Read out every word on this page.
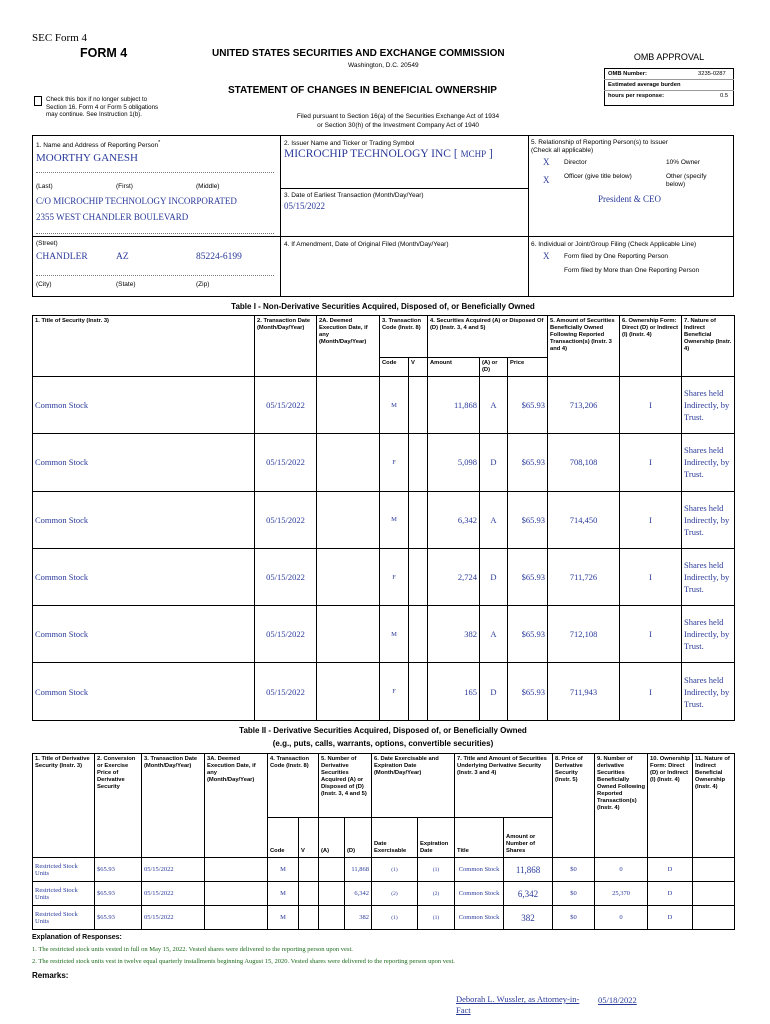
SEC Form 4
FORM 4	UNITED STATES SECURITIES AND EXCHANGE COMMISSION
Washington, D.C. 20549
STATEMENT OF CHANGES IN BENEFICIAL OWNERSHIP
Check this box if no longer subject to Section 16. Form 4 or Form 5 obligations may continue. See Instruction 1(b).	Filed pursuant to Section 16(a) of the Securities Exchange Act of 1934
or Section 30(h) of the Investment Company Act of 1940
OMB APPROVAL
OMB Number:	3235-0287
Estimated average burden
hours per response:	0.5
1. Name and Address of Reporting Person*
MOORTHY GANESH
(Last)	(First)	(Middle)
C/O MICROCHIP TECHNOLOGY INCORPORATED
2355 WEST CHANDLER BOULEVARD
(Street)
CHANDLER	AZ	85224-6199
(City)	(State)	(Zip)
2. Issuer Name and Ticker or Trading Symbol
MICROCHIP TECHNOLOGY INC [ MCHP ]
3. Date of Earliest Transaction (Month/Day/Year)
05/15/2022
4. If Amendment, Date of Original Filed (Month/Day/Year)
5. Relationship of Reporting Person(s) to Issuer
(Check all applicable)
X Director	10% Owner
X Officer (give title below)	Other (specify below)
President & CEO
6. Individual or Joint/Group Filing (Check Applicable Line)
X Form filed by One Reporting Person
Form filed by More than One Reporting Person
Table I - Non-Derivative Securities Acquired, Disposed of, or Beneficially Owned
1. Title of Security (Instr. 3)	2. Transaction Date (Month/Day/Year)	2A. Deemed Execution Date, if any (Month/Day/Year)	3. Transaction Code (Instr. 8)		4. Securities Acquired (A) or Disposed Of (D) (Instr. 3, 4 and 5)			5. Amount of Securities Beneficially Owned Following Reported Transaction(s) (Instr. 3 and 4)	6. Ownership Form: Direct (D) or Indirect (I) (Instr. 4)	7. Nature of Indirect Beneficial Ownership (Instr. 4)
			Code	V	Amount	(A) or (D)	Price			
Common Stock	05/15/2022		M		11,868	A	$65.93	713,206	I	Shares held Indirectly, by Trust.
Common Stock	05/15/2022		F		5,098	D	$65.93	708,108	I	Shares held Indirectly, by Trust.
Common Stock	05/15/2022		M		6,342	A	$65.93	714,450	I	Shares held Indirectly, by Trust.
Common Stock	05/15/2022		F		2,724	D	$65.93	711,726	I	Shares held Indirectly, by Trust.
Common Stock	05/15/2022		M		382	A	$65.93	712,108	I	Shares held Indirectly, by Trust.
Common Stock	05/15/2022		F		165	D	$65.93	711,943	I	Shares held Indirectly, by Trust.
Table II - Derivative Securities Acquired, Disposed of, or Beneficially Owned
(e.g., puts, calls, warrants, options, convertible securities)
1. Title of Derivative Security (Instr. 3)	2. Conversion or Exercise Price of Derivative Security	3. Transaction Date (Month/Day/Year)	3A. Deemed Execution Date, if any (Month/Day/Year)	4. Transaction Code (Instr. 8)		5. Number of Derivative Securities Acquired (A) or Disposed of (D) (Instr. 3, 4 and 5)		6. Date Exercisable and Expiration Date (Month/Day/Year)		7. Title and Amount of Securities Underlying Derivative Security (Instr. 3 and 4)		8. Price of Derivative Security (Instr. 5)	9. Number of derivative Securities Beneficially Owned Following Reported Transaction(s) (Instr. 4)	10. Ownership Form: Direct (D) or Indirect (I) (Instr. 4)	11. Nature of Indirect Beneficial Ownership (Instr. 4)
				Code	V	(A)	(D)	Date Exercisable	Expiration Date	Title	Amount or Number of Shares				
Restricted Stock Units	$65.93	05/15/2022		M			11,868	(1)	(1)	Common Stock	11,868	$0	0	D	
Restricted Stock Units	$65.93	05/15/2022		M			6,342	(2)	(2)	Common Stock	6,342	$0	25,370	D	
Restricted Stock Units	$65.93	05/15/2022		M			382	(1)	(1)	Common Stock	382	$0	0	D	
Explanation of Responses:
1. The restricted stock units vested in full on May 15, 2022. Vested shares were delivered to the reporting person upon vest.
2. The restricted stock units vest in twelve equal quarterly installments beginning August 15, 2020. Vested shares were delivered to the reporting person upon vest.
Remarks:
Deborah L. Wussler, as Attorney-in-Fact
05/18/2022
